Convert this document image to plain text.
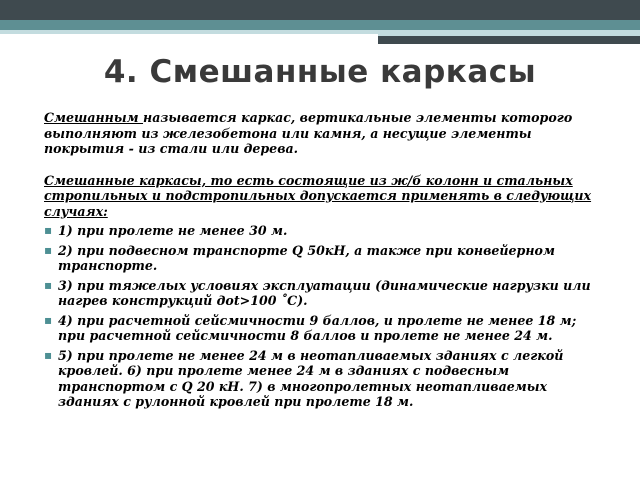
4. Смешанные каркасы

Смешанным называется каркас, вертикальные элементы которого выполняют из железобетона или камня, а несущие элементы покрытия - из стали или дерева.

Смешанные каркасы, то есть состоящие из ж/б колонн и стальных стропильных и подстропильных допускается применять в следующих случаях:

▪ 1) при пролете не менее 30 м.
▪ 2) при подвесном транспорте Q 50кН, а также при конвейерном транспорте.
▪ 3) при тяжелых условиях эксплуатации (динамические нагрузки или нагрев конструкций дot>100 ˚С).
▪ 4) при расчетной сейсмичности 9 баллов, и пролете не менее 18 м; при расчетной сейсмичности 8 баллов и пролете не менее 24 м.
▪ 5) при пролете не менее 24 м в неотапливаемых зданиях с легкой кровлей. 6) при пролете менее 24 м в зданиях с подвесным транспортом с Q 20 кН. 7) в многопролетных неотапливаемых зданиях с рулонной кровлей при пролете 18 м.
